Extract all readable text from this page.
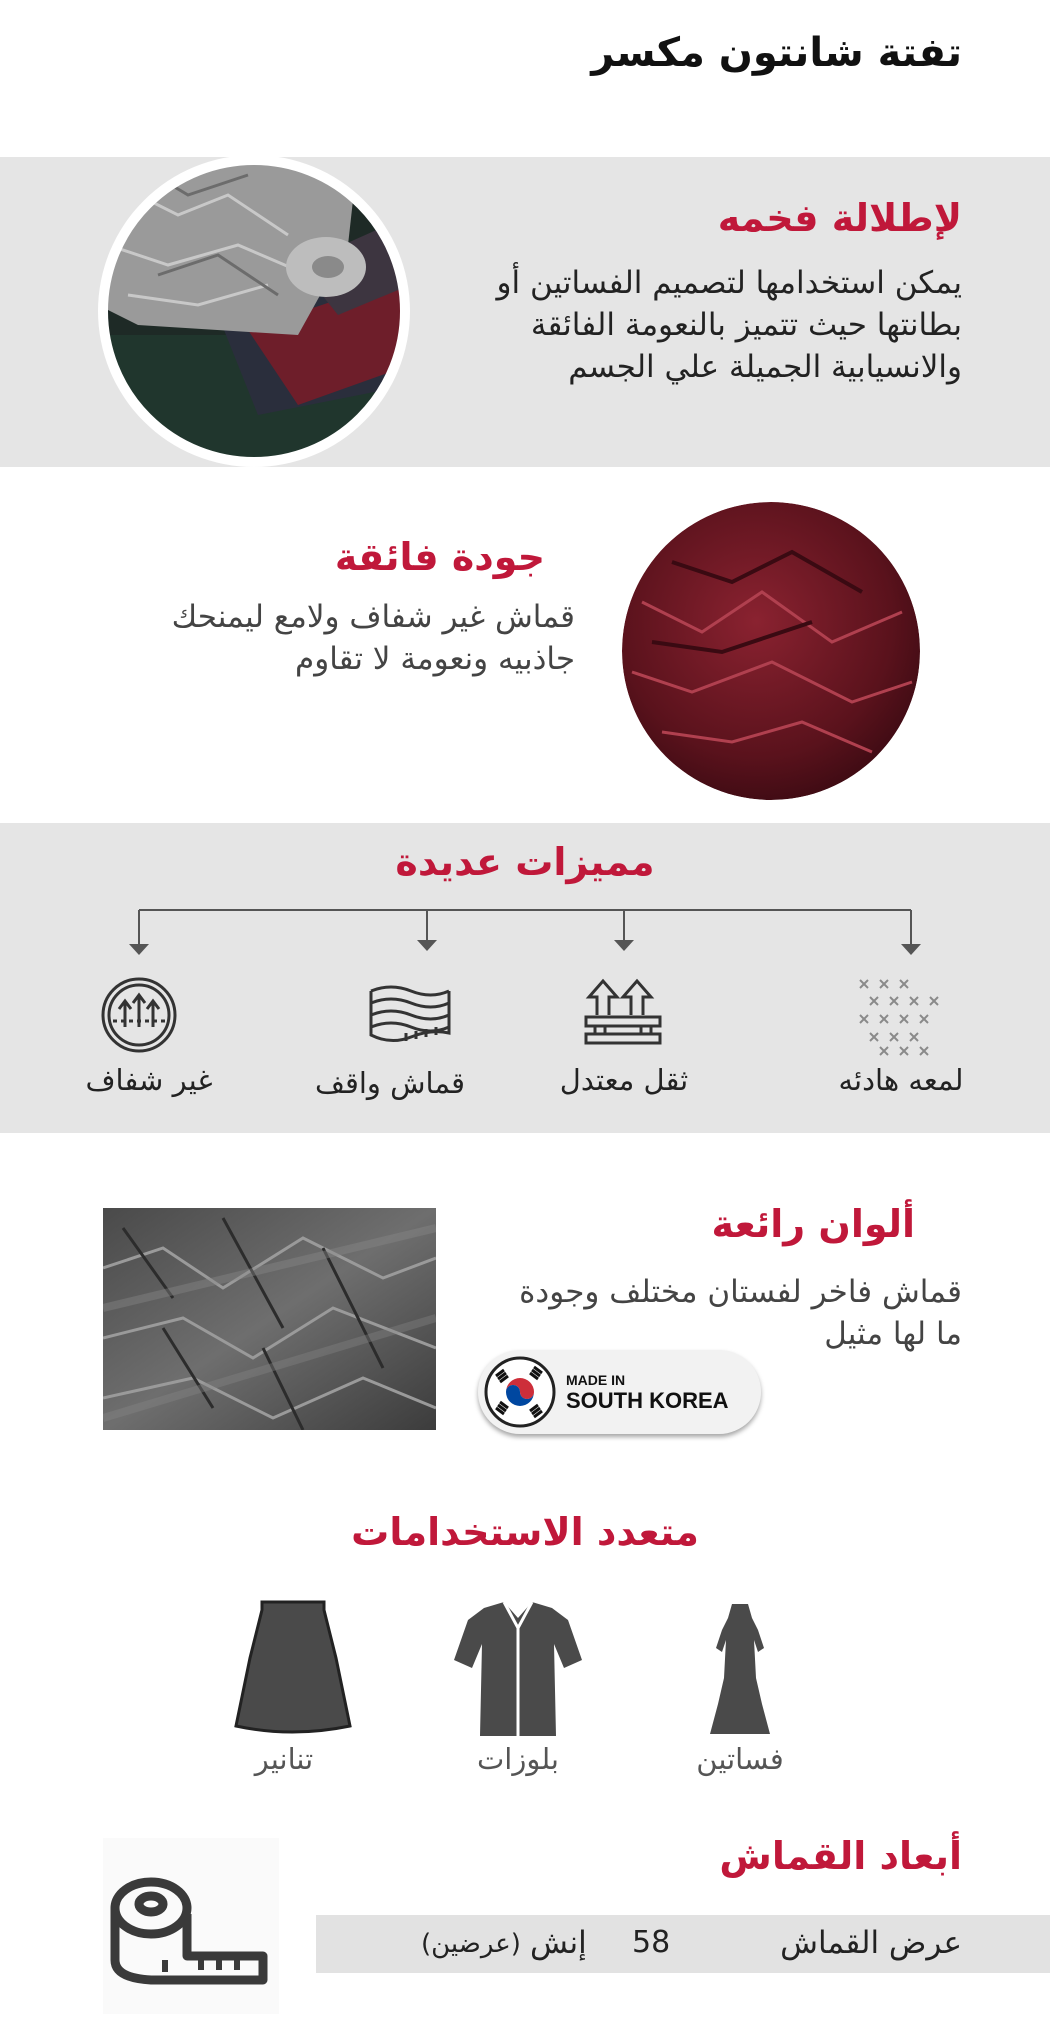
تفتة شانتون مكسر
لإطلالة فخمه
يمكن استخدامها لتصميم الفساتين أو
بطانتها حيث تتميز بالنعومة الفائقة
والانسيابية الجميلة علي الجسم
جودة فائقة
قماش غير شفاف ولامع ليمنحك
جاذبيه ونعومة لا تقاوم
مميزات عديدة
لمعه هادئه
ثقل معتدل
قماش واقف
غير شفاف
ألوان رائعة
قماش فاخر لفستان مختلف وجودة
ما لها مثيل
MADE IN
SOUTH KOREA
متعدد الاستخدامات
فساتين
بلوزات
تنانير
أبعاد القماش
عرض القماش
58
إنش
(عرضين)
